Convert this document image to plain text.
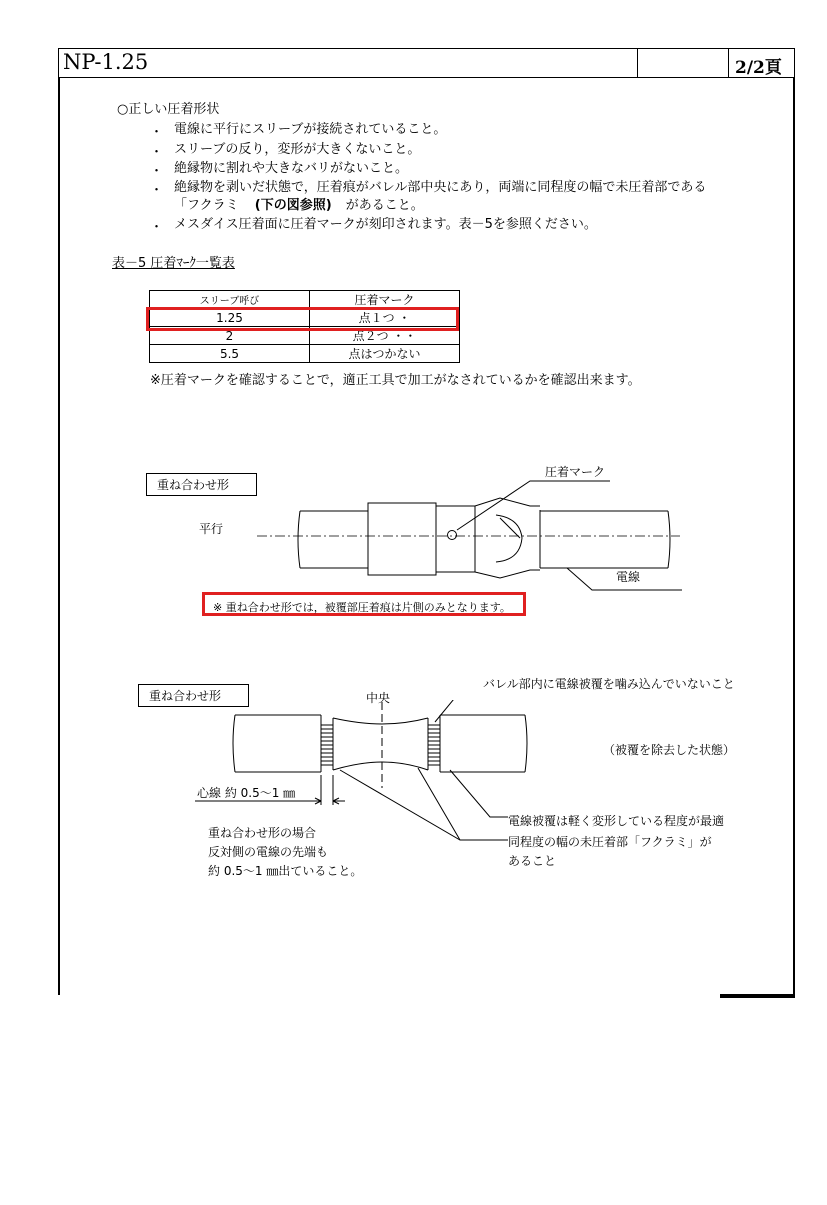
NP-1.25	2/2頁
○正しい圧着形状
・ 電線に平行にスリーブが接続されていること。
・ スリーブの反り，変形が大きくないこと。
・ 絶縁物に割れや大きなバリがないこと。
・ 絶縁物を剥いだ状態で，圧着痕がバレル部中央にあり，両端に同程度の幅で未圧着部である
「フクラミ (下の図参照) があること。
・ メスダイス圧着面に圧着マークが刻印されます。表－5を参照ください。
表－5 圧着ﾏｰｸ一覧表
スリーブ呼び	圧着マーク
1.25	点１つ ・
2	点２つ ・・
5.5	点はつかない
※圧着マークを確認することで，適正工具で加工がなされているかを確認出来ます。
重ね合わせ形
平行
圧着マーク
電線
※ 重ね合わせ形では，被覆部圧着痕は片側のみとなります。
重ね合わせ形	中央
バレル部内に電線被覆を噛み込んでいないこと
（被覆を除去した状態）
心線 約 0.5～1 ㎜
電線被覆は軽く変形している程度が最適
同程度の幅の未圧着部「フクラミ」が
あること
重ね合わせ形の場合
反対側の電線の先端も
約 0.5～1 ㎜出ていること。
